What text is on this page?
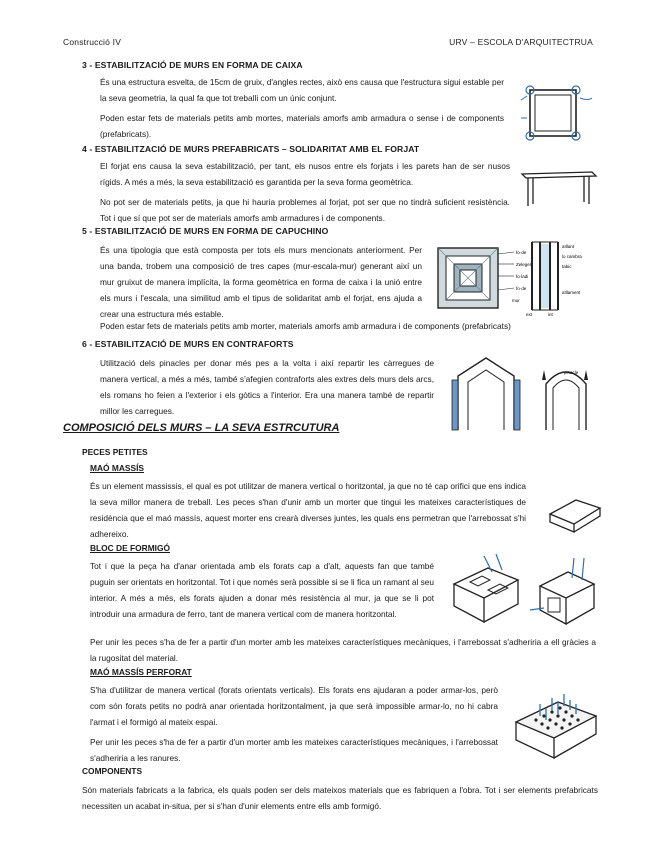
Construcció IV	URV – ESCOLA D'ARQUITECTRUA
3 - ESTABILITZACIÓ DE MURS EN FORMA DE CAIXA

És una estructura esvelta, de 15cm de gruix, d'angles rectes, això ens causa que l'estructura sigui estable per la seva geometria, la qual fa que tot treballi com un únic conjunt.

Poden estar fets de materials petits amb mortes, materials amorfs amb armadura o sense i de components (prefabricats).

4 - ESTABILITZACIÓ DE MURS PREFABRICATS – SOLIDARITAT AMB EL FORJAT

El forjat ens causa la seva estabilització, per tant, els nusos entre els forjats i les parets han de ser nusos rígids. A més a més, la seva estabilització es garantida per la seva forma geomètrica.

No pot ser de materials petits, ja que hi hauria problemes al forjat, pot ser que no tindrà suficient resistència. Tot i que sí que pot ser de materials amorfs amb armadures i de components.

5 - ESTABILITZACIÓ DE MURS EN FORMA DE CAPUCHINO

És una tipologia que està composta per tots els murs mencionats anteriorment. Per una banda, trobem una composició de tres capes (mur-escala-mur) generant així un mur gruixut de manera implícita, la forma geomètrica en forma de caixa i la unió entre els murs i l'escala, una similitud amb el tipus de solidaritat amb el forjat, ens ajuda a crear una estructura més estable.

Poden estar fets de materials petits amb morter, materials amorfs amb armadura i de components (prefabricats)

fo·de
Zeleger
fo·ladi
fo·de
aïllant
lo cambra
tabic
aïllament
mur
ext	int
6 - ESTABILITZACIÓ DE MURS EN CONTRAFORTS

Utilització dels pinacles per donar més pes a la volta i així repartir les càrregues de manera vertical, a més a més, també s'afegien contraforts ales extres dels murs dels arcs, els romans ho feien a l'exterior i els gòtics a l'interior. Era una manera també de repartir millor les carregues.

pinacle
COMPOSICIÓ DELS MURS – LA SEVA ESTRCUTURA
PECES PETITES
MAÓ MASSÍS

És un element massissis, el qual es pot utilitzar de manera vertical o horitzontal, ja que no té cap orifici que ens indica la seva millor manera de treball. Les peces s'han d'unir amb un morter que tingui les mateixes característiques de residència que el maó massís, aquest morter ens crearà diverses juntes, les quals ens permetran que l'arrebossat s'hi adhereixo.

BLOC DE FORMIGÓ

Tot i que la peça ha d'anar orientada amb els forats cap a d'alt, aquests fan que també puguin ser orientats en horitzontal. Tot i que només serà possible si se li fica un ramant al seu interior. A més a més, els forats ajuden a donar més resistència al mur, ja que se li pot introduir una armadura de ferro, tant de manera vertical com de manera horitzontal.

Per unir les peces s'ha de fer a partir d'un morter amb les mateixes característiques mecàniques, i l'arrebossat s'adheriria a ell gràcies a la rugositat del material.

MAÓ MASSÍS PERFORAT

S'ha d'utilitzar de manera vertical (forats orientats verticals). Els forats ens ajudaran a poder armar-los, però com són forats petits no podrà anar orientada horitzontalment, ja que serà impossible armar-lo, no hi cabra l'armat i el formigó al mateix espai.

Per unir les peces s'ha de fer a partir d'un morter amb les mateixes característiques mecàniques, i l'arrebossat s'adheriria a les ranures.

COMPONENTS

Són materials fabricats a la fabrica, els quals poden ser dels mateixos materials que es fabriquen a l'obra. Tot i ser elements prefabricats necessiten un acabat in-situa, per si s'han d'unir elements entre ells amb formigó.
